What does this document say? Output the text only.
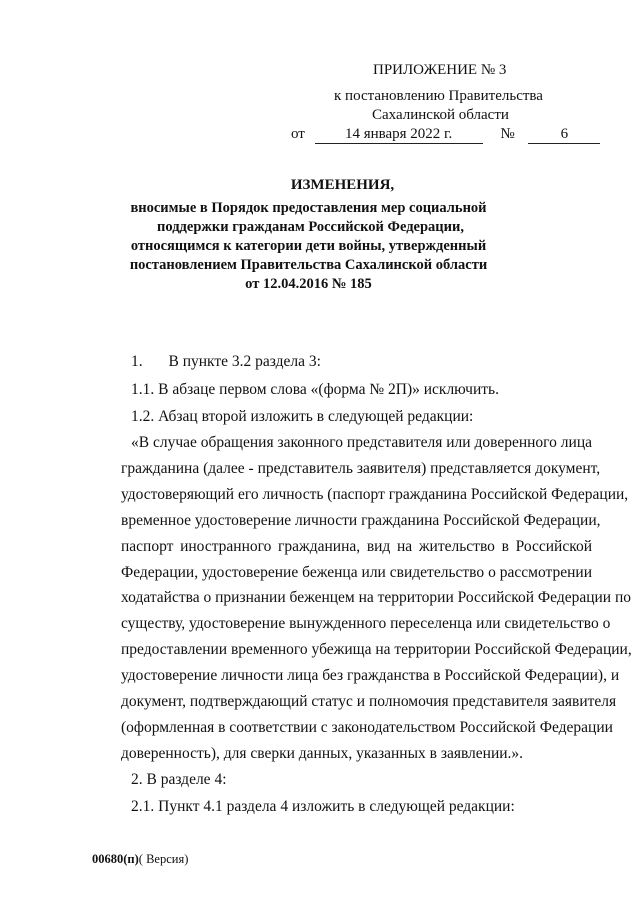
ПРИЛОЖЕНИЕ № 3
к постановлению Правительства
Сахалинской области
от	14 января 2022 г.	№	6
ИЗМЕНЕНИЯ,
вносимые в Порядок предоставления мер социальной
поддержки гражданам Российской Федерации,
относящимся к категории дети войны, утвержденный
постановлением Правительства Сахалинской области
от 12.04.2016 № 185
1. В пункте 3.2 раздела 3:
1.1. В абзаце первом слова «(форма № 2П)» исключить.
1.2. Абзац второй изложить в следующей редакции:
«В случае обращения законного представителя или доверенного лица
гражданина (далее - представитель заявителя) представляется документ,
удостоверяющий его личность (паспорт гражданина Российской Федерации,
временное удостоверение личности гражданина Российской Федерации,
паспорт иностранного гражданина, вид на жительство в Российской
Федерации, удостоверение беженца или свидетельство о рассмотрении
ходатайства о признании беженцем на территории Российской Федерации по
существу, удостоверение вынужденного переселенца или свидетельство о
предоставлении временного убежища на территории Российской Федерации,
удостоверение личности лица без гражданства в Российской Федерации), и
документ, подтверждающий статус и полномочия представителя заявителя
(оформленная в соответствии с законодательством Российской Федерации
доверенность), для сверки данных, указанных в заявлении.».
2. В разделе 4:
2.1. Пункт 4.1 раздела 4 изложить в следующей редакции:
00680(п)( Версия)
